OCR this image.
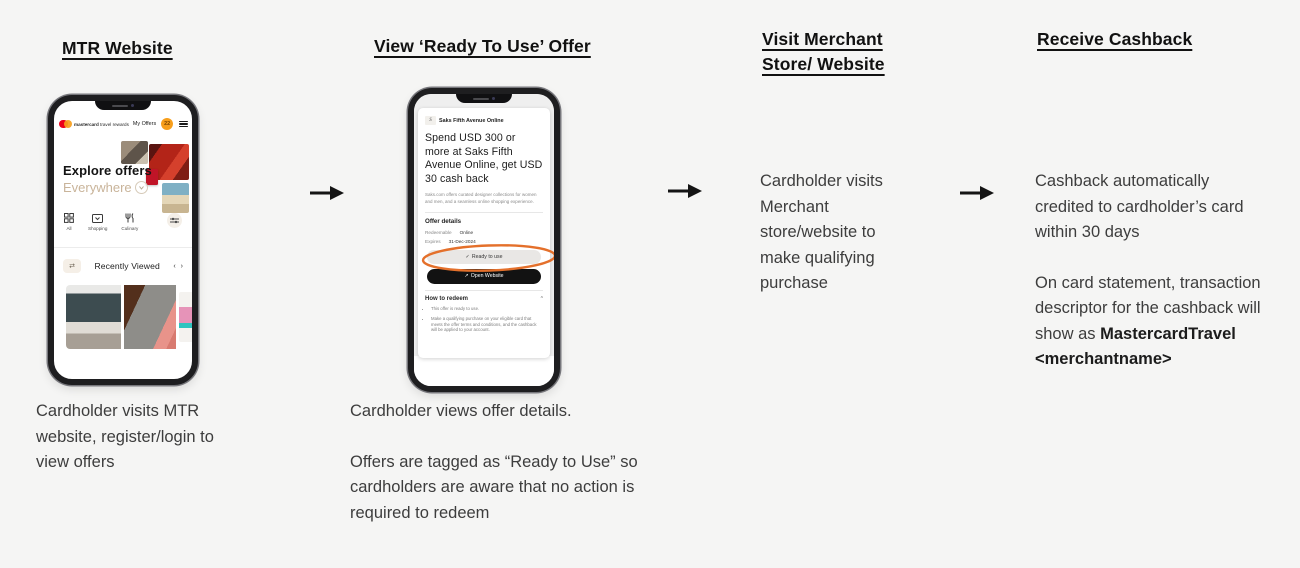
MTR Website	View ‘Ready To Use’ Offer	Visit Merchant Store/ Website
Receive Cashback
mastercard travel rewards My Offers	22
Explore offers
Everywhere
All	Shopping	Culinary
⇄	Recently Viewed	‹ ›
S	Saks Fifth Avenue Online
Spend USD 300 or more at Saks Fifth Avenue Online, get USD 30 cash back
Saks.com offers curated designer collections for women and men, and a seamless online shopping experience.
Offer details
Redeemable Online
Expires 31-Dec-2024
✓ Ready to use
↗ Open Website
How to redeem	^
• This offer is ready to use.
• Make a qualifying purchase on your eligible card that meets the offer terms and conditions, and the cashback will be applied to your account.

Cardholder visits MTR website, register/login to view offers

Cardholder views offer details.

Offers are tagged as “Ready to Use” so cardholders are aware that no action is required to redeem

Cardholder visits Merchant store/website to make qualifying purchase

Cashback automatically credited to cardholder’s card within 30 days

On card statement, transaction descriptor for the cashback will show as MastercardTravel <merchantname>
